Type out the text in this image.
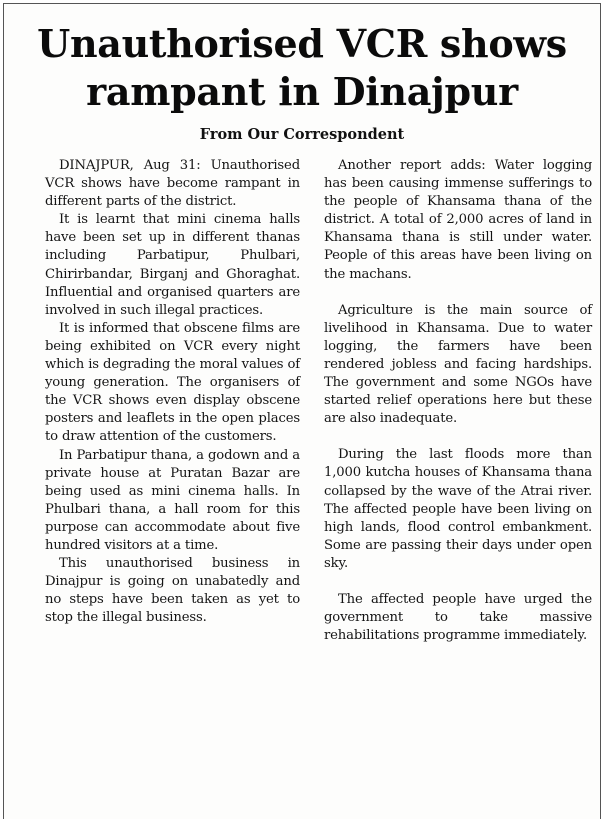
Unauthorised VCR shows
rampant in Dinajpur
From Our Correspondent

DINAJPUR, Aug 31: Unauthorised VCR shows have become rampant in different parts of the district.

It is learnt that mini cinema halls have been set up in different thanas including Parbatipur, Phulbari, Chirirbandar, Birganj and Ghoraghat. Influential and organised quarters are involved in such illegal practices.

It is informed that obscene films are being exhibited on VCR every night which is degrading the moral values of young generation. The organisers of the VCR shows even display obscene posters and leaflets in the open places to draw attention of the customers.

In Parbatipur thana, a godown and a private house at Puratan Bazar are being used as mini cinema halls. In Phulbari thana, a hall room for this purpose can accommodate about five hundred visitors at a time.

This unauthorised business in Dinajpur is going on unabatedly and no steps have been taken as yet to stop the illegal business.

Another report adds: Water logging has been causing immense sufferings to the people of Khansama thana of the district. A total of 2,000 acres of land in Khansama thana is still under water. People of this areas have been living on the machans.

Agriculture is the main source of livelihood in Khansama. Due to water logging, the farmers have been rendered jobless and facing hardships. The government and some NGOs have started relief operations here but these are also inadequate.

During the last floods more than 1,000 kutcha houses of Khansama thana collapsed by the wave of the Atrai river. The affected people have been living on high lands, flood control embankment. Some are passing their days under open sky.

The affected people have urged the government to take massive rehabilitations programme immediately.
